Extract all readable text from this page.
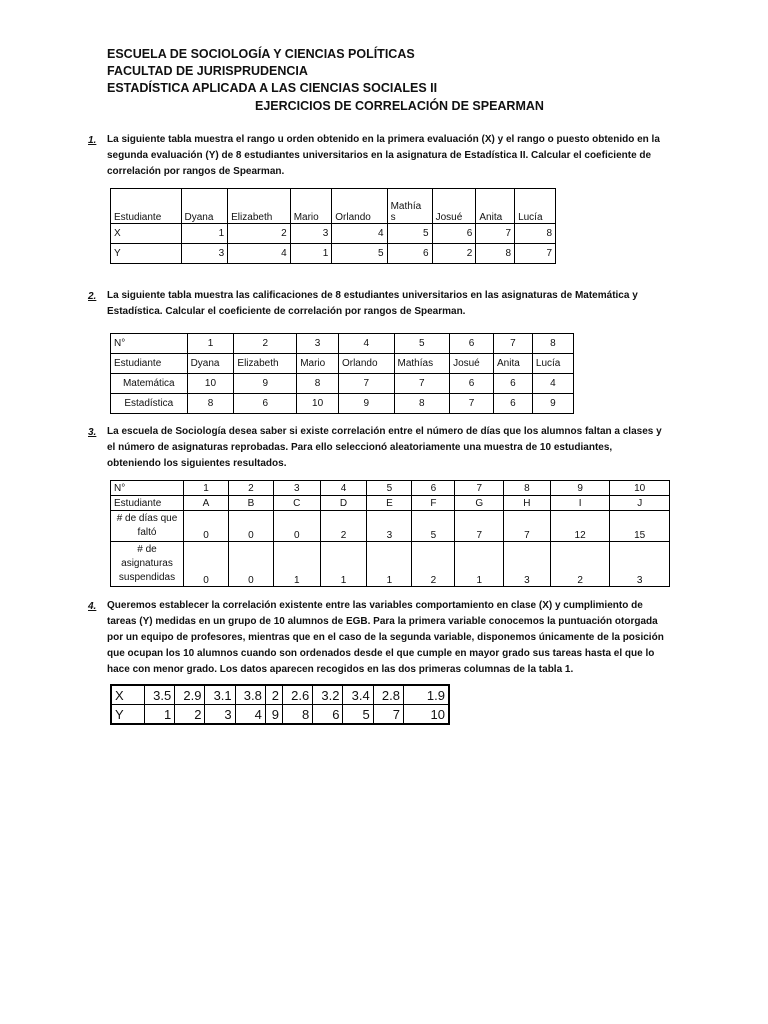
ESCUELA DE SOCIOLOGÍA Y CIENCIAS POLÍTICAS
FACULTAD DE JURISPRUDENCIA
ESTADÍSTICA APLICADA A LAS CIENCIAS SOCIALES II
EJERCICIOS DE CORRELACIÓN DE SPEARMAN
1. La siguiente tabla muestra el rango u orden obtenido en la primera evaluación (X) y el rango o puesto obtenido en la
segunda evaluación (Y) de 8 estudiantes universitarios en la asignatura de Estadística II. Calcular el coeficiente de
correlación por rangos de Spearman.
Estudiante	Dyana	Elizabeth	Mario	Orlando	Mathía s	Josué	Anita	Lucía
X	1	2	3	4	5	6	7	8
Y	3	4	1	5	6	2	8	7
2. La siguiente tabla muestra las calificaciones de 8 estudiantes universitarios en las asignaturas de Matemática y
Estadística. Calcular el coeficiente de correlación por rangos de Spearman.
N°	1	2	3	4	5	6	7	8
Estudiante	Dyana	Elizabeth	Mario	Orlando	Mathías	Josué	Anita	Lucía
Matemática	10	9	8	7	7	6	6	4
Estadística	8	6	10	9	8	7	6	9
3. La escuela de Sociología desea saber si existe correlación entre el número de días que los alumnos faltan a clases y
el número de asignaturas reprobadas. Para ello seleccionó aleatoriamente una muestra de 10 estudiantes,
obteniendo los siguientes resultados.
N°	1	2	3	4	5	6	7	8	9	10
Estudiante	A	B	C	D	E	F	G	H	I	J

# de días que
faltó	0	0	0	2	3	5	7	7	12	15

# de
asignaturas
suspendidas	0	0	1	1	1	2	1	3	2	3
4. Queremos establecer la correlación existente entre las variables comportamiento en clase (X) y cumplimiento de
tareas (Y) medidas en un grupo de 10 alumnos de EGB. Para la primera variable conocemos la puntuación otorgada
por un equipo de profesores, mientras que en el caso de la segunda variable, disponemos únicamente de la posición
que ocupan los 10 alumnos cuando son ordenados desde el que cumple en mayor grado sus tareas hasta el que lo
hace con menor grado. Los datos aparecen recogidos en las dos primeras columnas de la tabla 1.
X	3.5	2.9	3.1	3.8	2	2.6	3.2	3.4	2.8	1.9
Y	1	2	3	4	9	8	6	5	7	10
